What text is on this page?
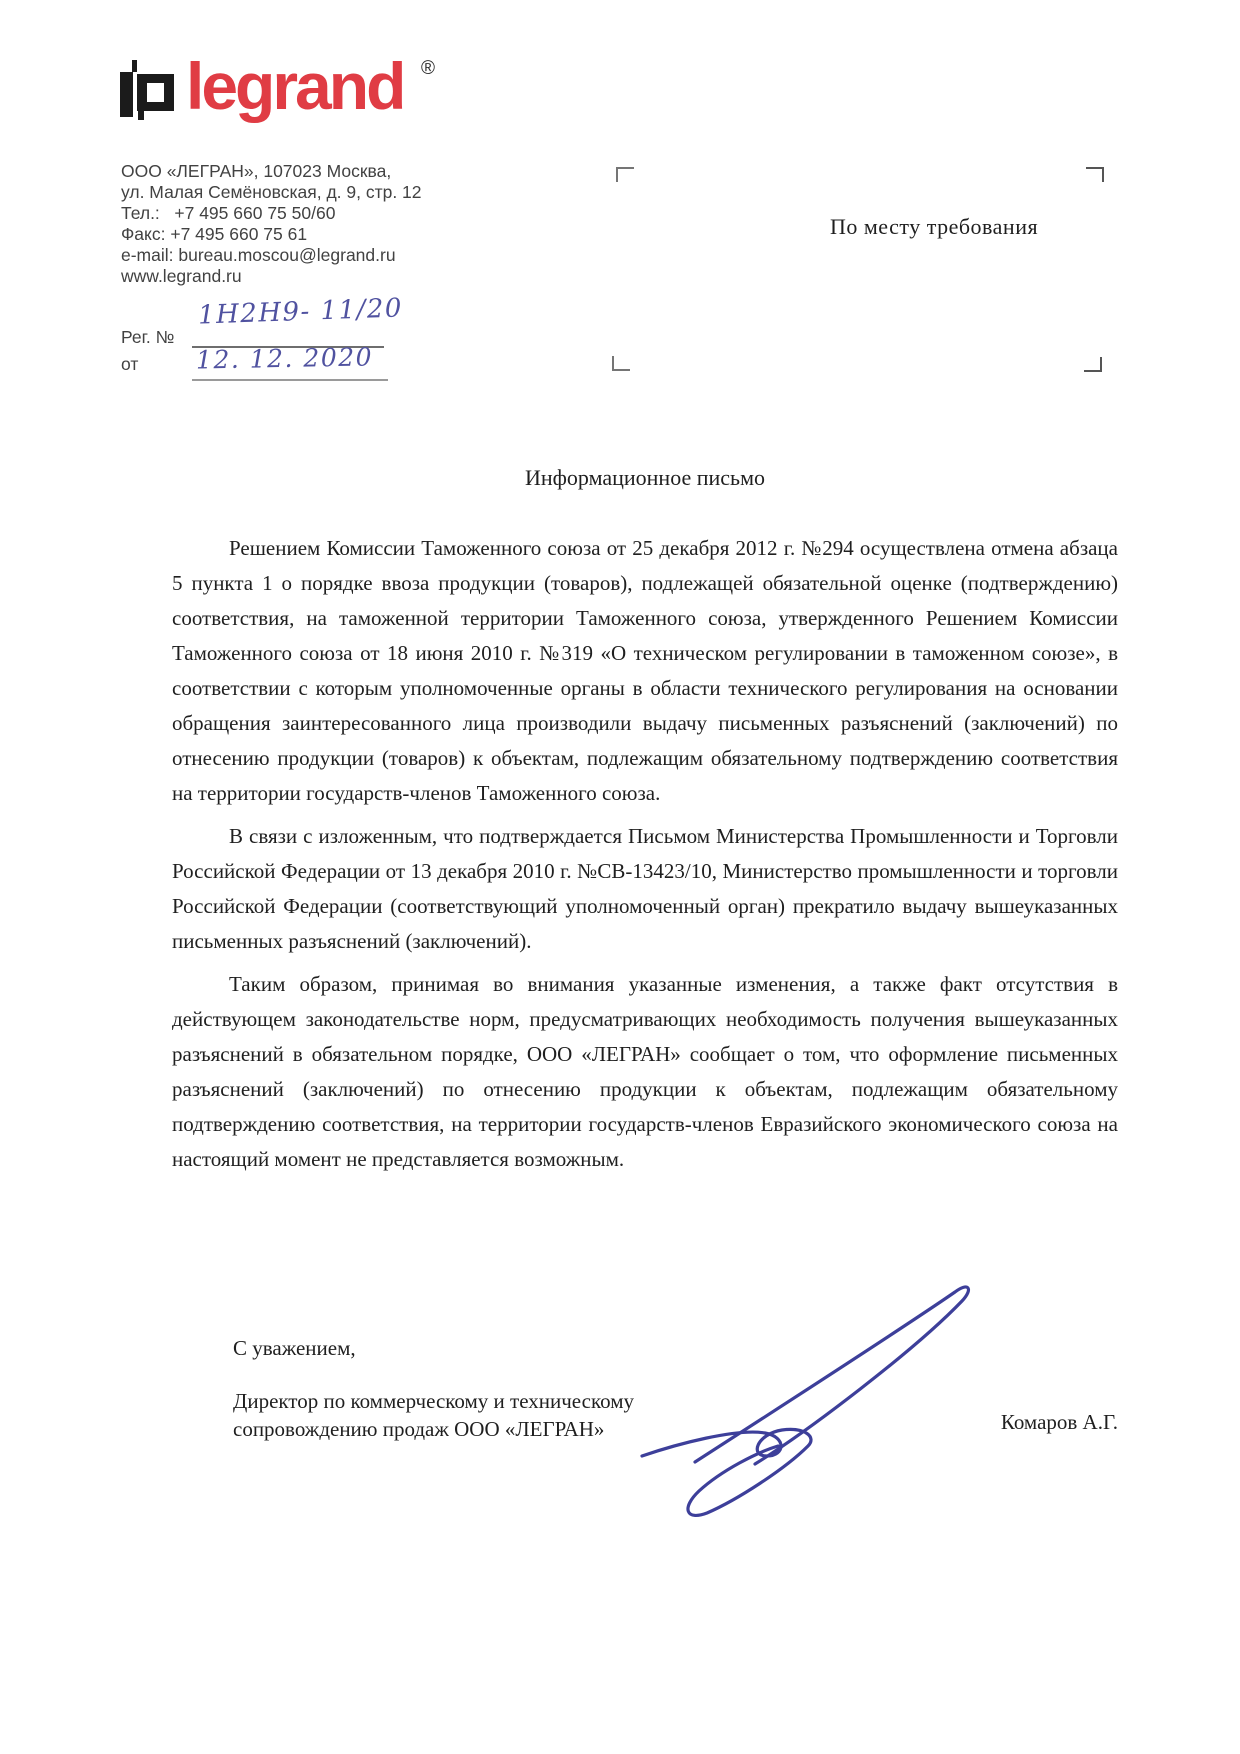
legrand ®
ООО «ЛЕГРАН», 107023 Москва,
ул. Малая Семёновская, д. 9, стр. 12
Тел.:   +7 495 660 75 50/60
Факс: +7 495 660 75 61
e-mail: bureau.moscou@legrand.ru
www.legrand.ru
Рег. №
1Н2Н9- 11/20
от 12. 12. 2020
По месту требования
Информационное письмо

Решением Комиссии Таможенного союза от 25 декабря 2012 г. №294 осуществлена отмена абзаца 5 пункта 1 о порядке ввоза продукции (товаров), подлежащей обязательной оценке (подтверждению) соответствия, на таможенной территории Таможенного союза, утвержденного Решением Комиссии Таможенного союза от 18 июня 2010 г. №319 «О техническом регулировании в таможенном союзе», в соответствии с которым уполномоченные органы в области технического регулирования на основании обращения заинтересованного лица производили выдачу письменных разъяснений (заключений) по отнесению продукции (товаров) к объектам, подлежащим обязательному подтверждению соответствия на территории государств-членов Таможенного союза.

В связи с изложенным, что подтверждается Письмом Министерства Промышленности и Торговли Российской Федерации от 13 декабря 2010 г. №СВ-13423/10, Министерство промышленности и торговли Российской Федерации (соответствующий уполномоченный орган) прекратило выдачу вышеуказанных письменных разъяснений (заключений).

Таким образом, принимая во внимания указанные изменения, а также факт отсутствия в действующем законодательстве норм, предусматривающих необходимость получения вышеуказанных разъяснений в обязательном порядке, ООО «ЛЕГРАН» сообщает о том, что оформление письменных разъяснений (заключений) по отнесению продукции к объектам, подлежащим обязательному подтверждению соответствия, на территории государств-членов Евразийского экономического союза на настоящий момент не представляется возможным.

С уважением,
Директор по коммерческому и техническому
сопровождению продаж ООО «ЛЕГРАН»	Комаров А.Г.
